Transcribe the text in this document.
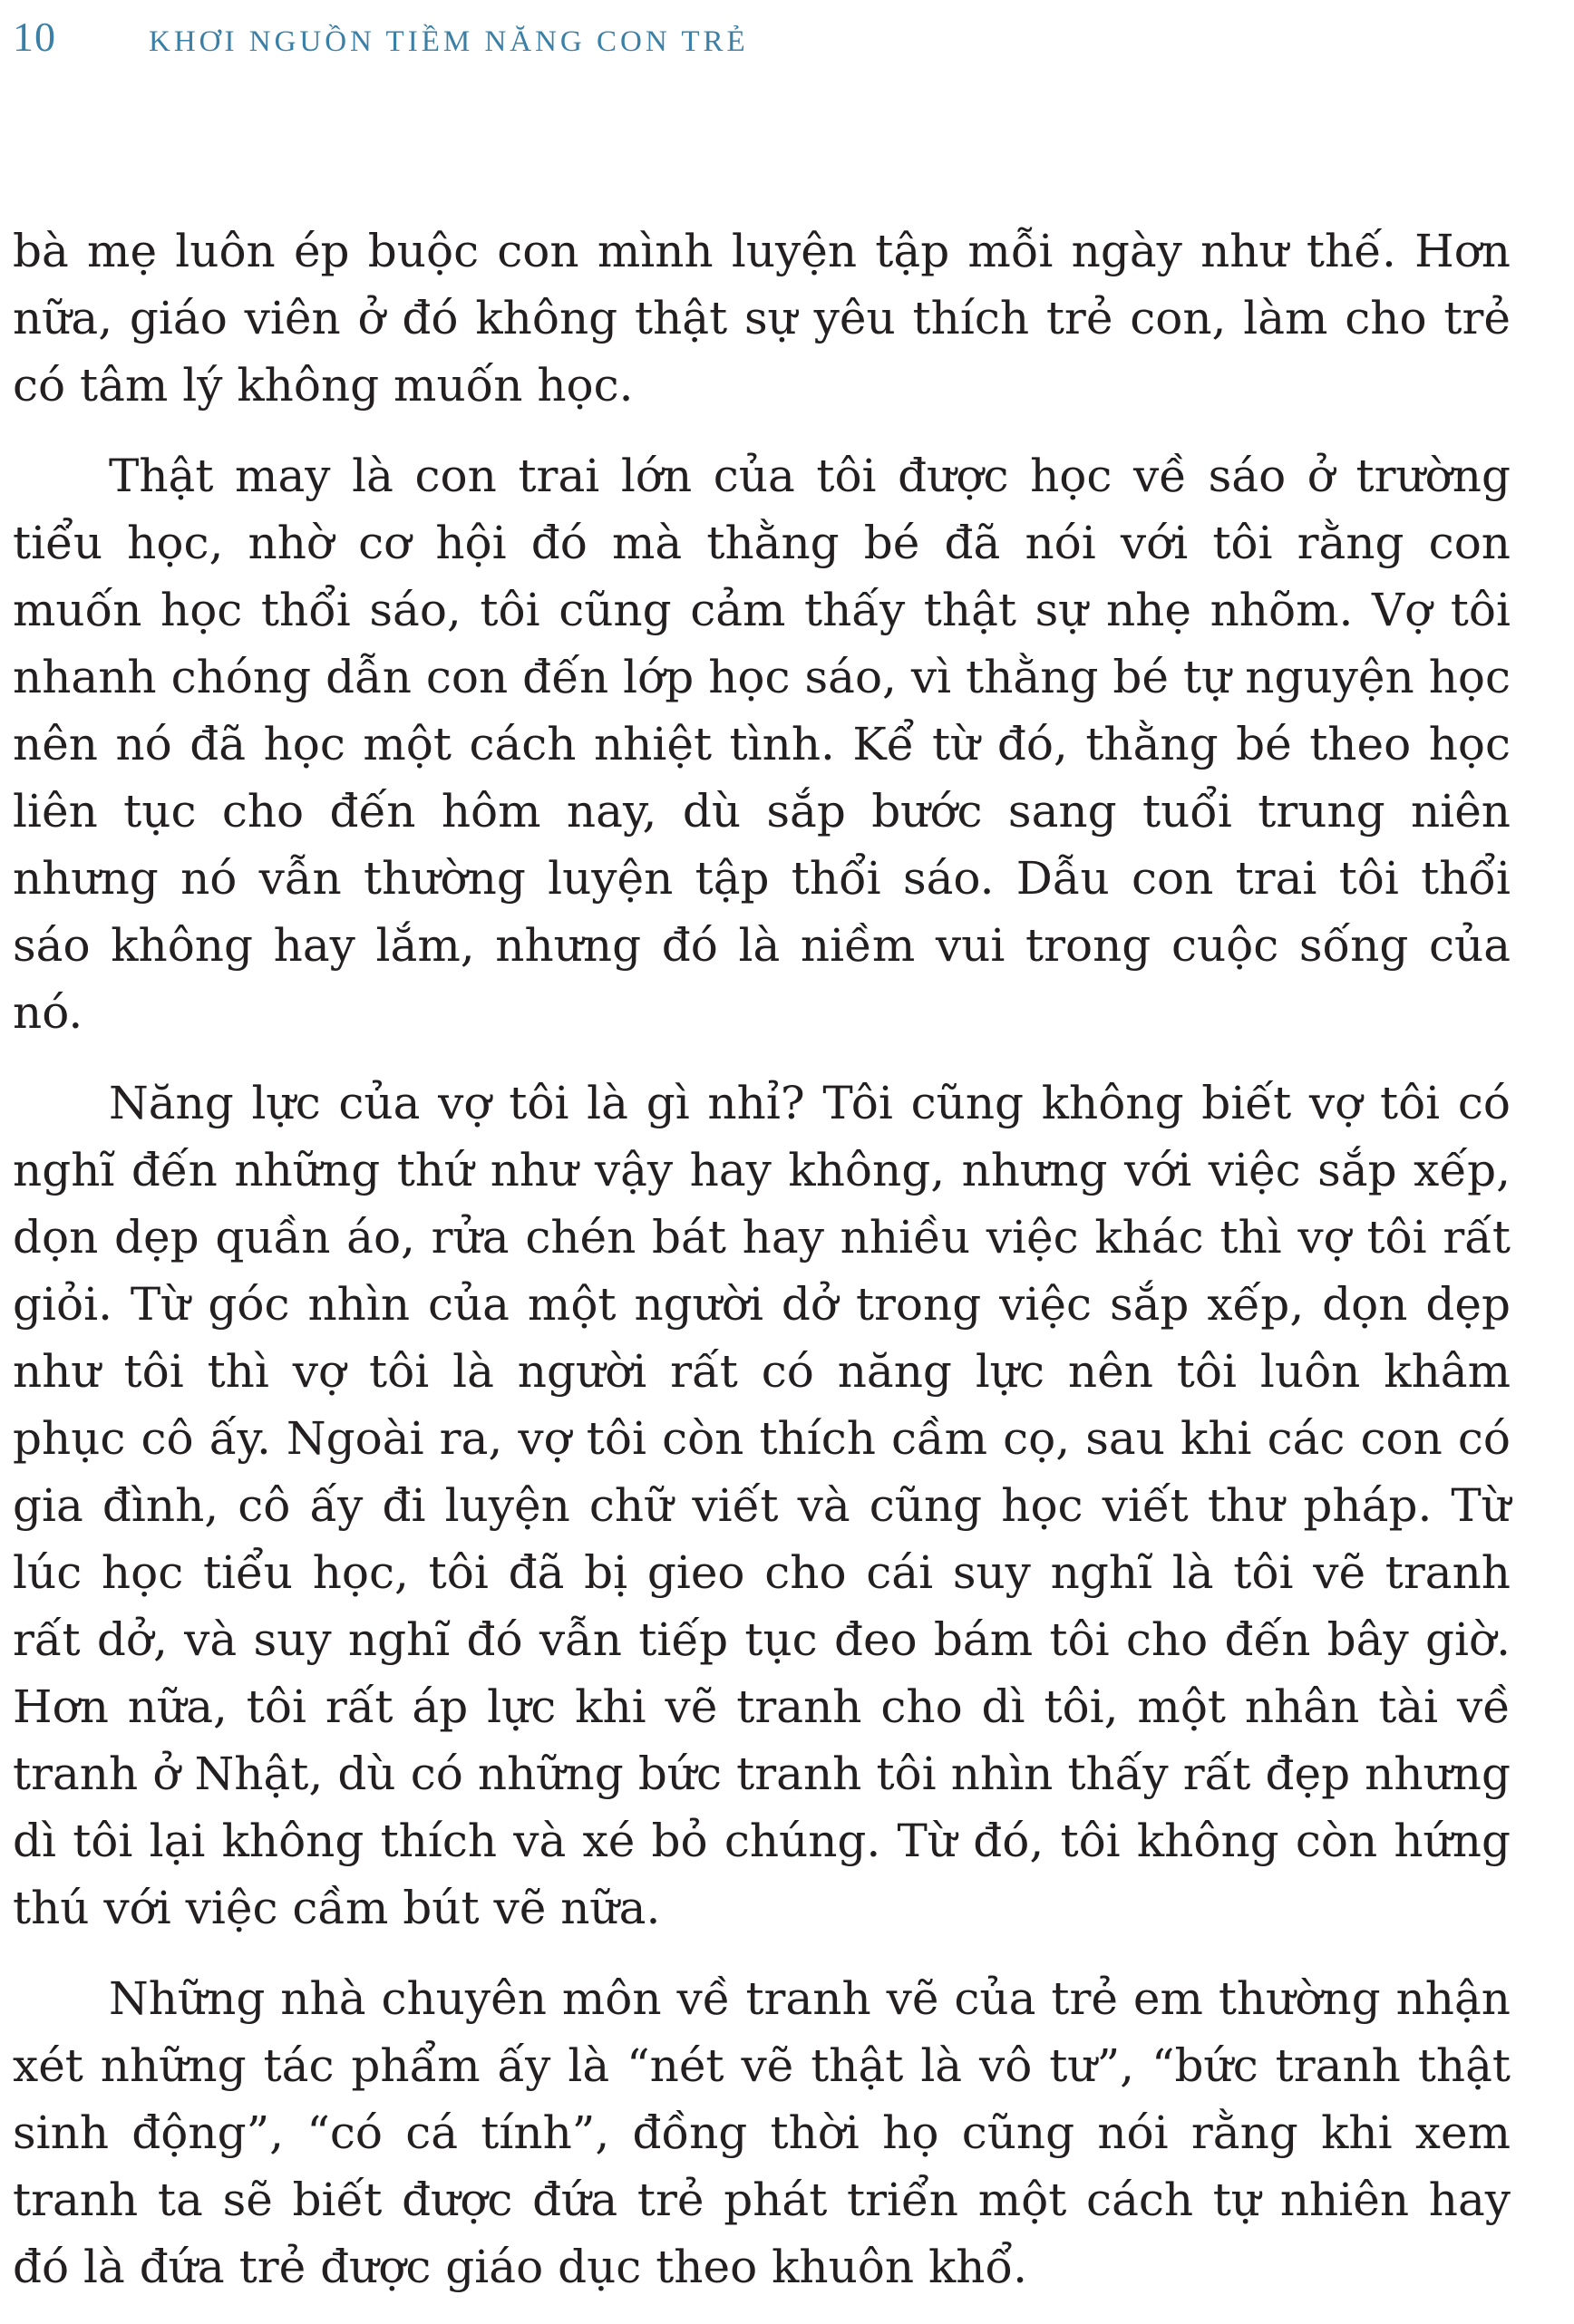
10	KHƠI NGUỒN TIỀM NĂNG CON TRẺ

bà mẹ luôn ép buộc con mình luyện tập mỗi ngày như thế. Hơn nữa, giáo viên ở đó không thật sự yêu thích trẻ con, làm cho trẻ có tâm lý không muốn học.

Thật may là con trai lớn của tôi được học về sáo ở trường tiểu học, nhờ cơ hội đó mà thằng bé đã nói với tôi rằng con muốn học thổi sáo, tôi cũng cảm thấy thật sự nhẹ nhõm. Vợ tôi nhanh chóng dẫn con đến lớp học sáo, vì thằng bé tự nguyện học nên nó đã học một cách nhiệt tình. Kể từ đó, thằng bé theo học liên tục cho đến hôm nay, dù sắp bước sang tuổi trung niên nhưng nó vẫn thường luyện tập thổi sáo. Dẫu con trai tôi thổi sáo không hay lắm, nhưng đó là niềm vui trong cuộc sống của nó.

Năng lực của vợ tôi là gì nhỉ? Tôi cũng không biết vợ tôi có nghĩ đến những thứ như vậy hay không, nhưng với việc sắp xếp, dọn dẹp quần áo, rửa chén bát hay nhiều việc khác thì vợ tôi rất giỏi. Từ góc nhìn của một người dở trong việc sắp xếp, dọn dẹp như tôi thì vợ tôi là người rất có năng lực nên tôi luôn khâm phục cô ấy. Ngoài ra, vợ tôi còn thích cầm cọ, sau khi các con có gia đình, cô ấy đi luyện chữ viết và cũng học viết thư pháp. Từ lúc học tiểu học, tôi đã bị gieo cho cái suy nghĩ là tôi vẽ tranh rất dở, và suy nghĩ đó vẫn tiếp tục đeo bám tôi cho đến bây giờ. Hơn nữa, tôi rất áp lực khi vẽ tranh cho dì tôi, một nhân tài về tranh ở Nhật, dù có những bức tranh tôi nhìn thấy rất đẹp nhưng dì tôi lại không thích và xé bỏ chúng. Từ đó, tôi không còn hứng thú với việc cầm bút vẽ nữa.

Những nhà chuyên môn về tranh vẽ của trẻ em thường nhận xét những tác phẩm ấy là “nét vẽ thật là vô tư”, “bức tranh thật sinh động”, “có cá tính”, đồng thời họ cũng nói rằng khi xem tranh ta sẽ biết được đứa trẻ phát triển một cách tự nhiên hay đó là đứa trẻ được giáo dục theo khuôn khổ.
